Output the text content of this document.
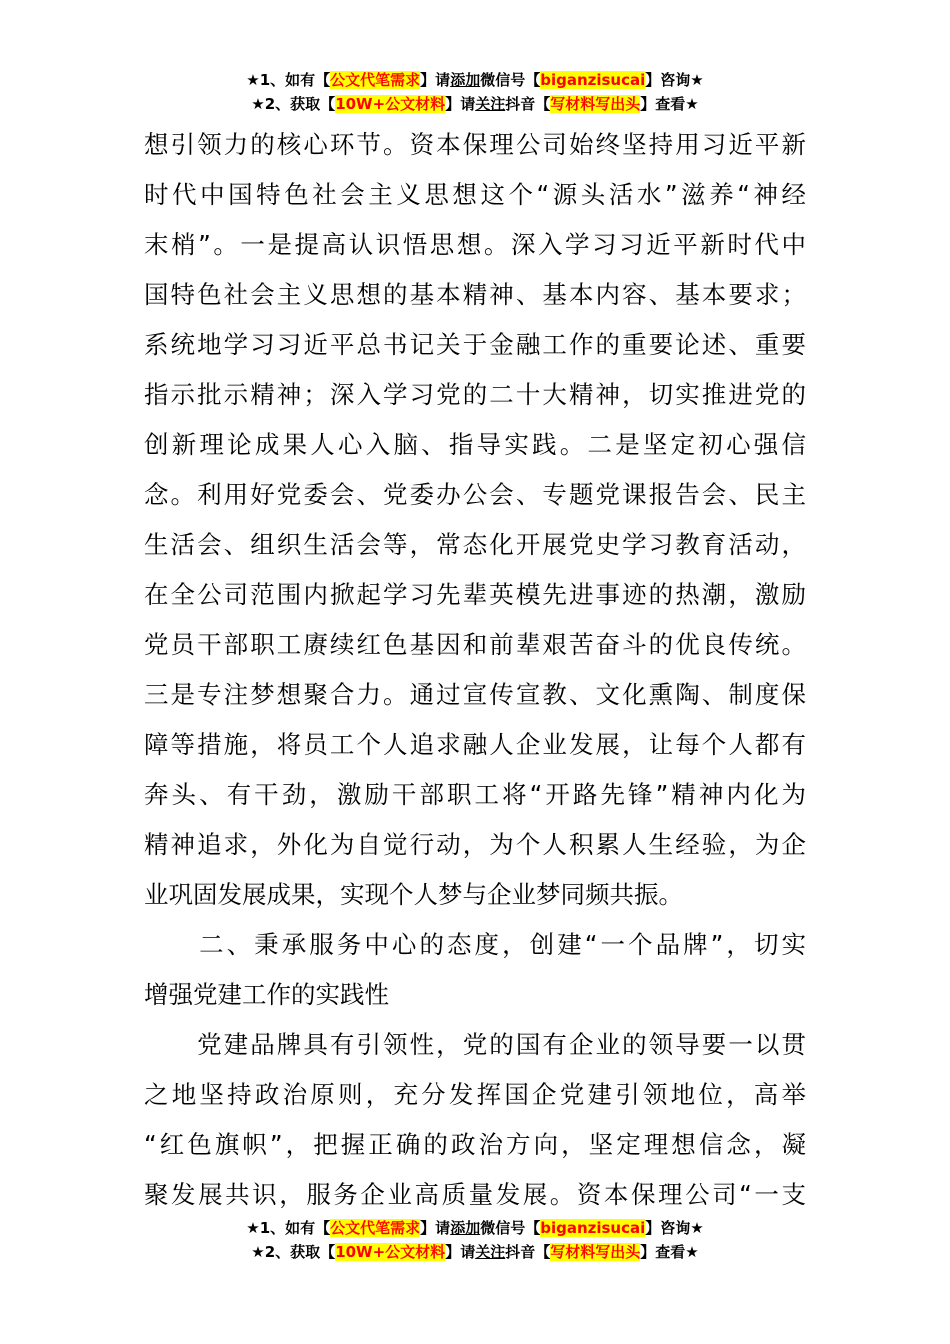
★1、如有【公文代笔需求】请添加微信号【biganzisucai】咨询★
★2、获取【10W+公文材料】请关注抖音【写材料写出头】查看★
想引领力的核心环节。资本保理公司始终坚持用习近平新
时代中国特色社会主义思想这个“源头活水”滋养“神经
末梢”。一是提高认识悟思想。深入学习习近平新时代中
国特色社会主义思想的基本精神、基本内容、基本要求；
系统地学习习近平总书记关于金融工作的重要论述、重要
指示批示精神；深入学习党的二十大精神，切实推进党的
创新理论成果人心入脑、指导实践。二是坚定初心强信
念。利用好党委会、党委办公会、专题党课报告会、民主
生活会、组织生活会等，常态化开展党史学习教育活动，
在全公司范围内掀起学习先辈英模先进事迹的热潮，激励
党员干部职工赓续红色基因和前辈艰苦奋斗的优良传统。
三是专注梦想聚合力。通过宣传宣教、文化熏陶、制度保
障等措施，将员工个人追求融人企业发展，让每个人都有
奔头、有干劲，激励干部职工将“开路先锋”精神内化为
精神追求，外化为自觉行动，为个人积累人生经验，为企
业巩固发展成果，实现个人梦与企业梦同频共振。
　　二、秉承服务中心的态度，创建“一个品牌”，切实
增强党建工作的实践性
　　党建品牌具有引领性，党的国有企业的领导要一以贯
之地坚持政治原则，充分发挥国企党建引领地位，高举
“红色旗帜”，把握正确的政治方向，坚定理想信念，凝
聚发展共识，服务企业高质量发展。资本保理公司“一支
★1、如有【公文代笔需求】请添加微信号【biganzisucai】咨询★
★2、获取【10W+公文材料】请关注抖音【写材料写出头】查看★
